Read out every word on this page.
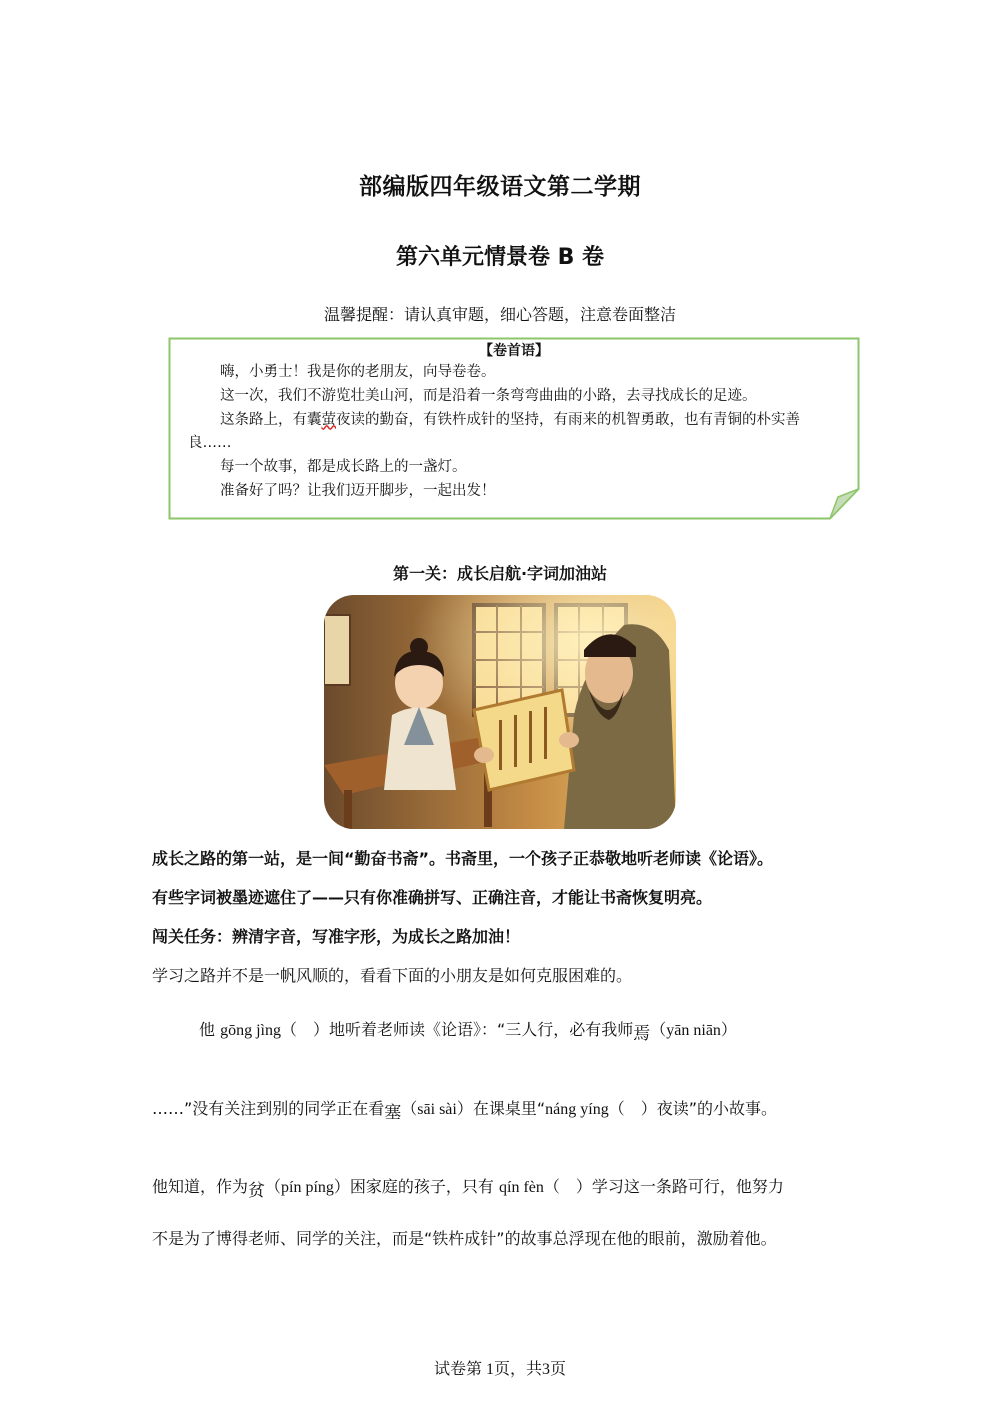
部编版四年级语文第二学期
第六单元情景卷 B 卷
温馨提醒：请认真审题，细心答题，注意卷面整洁
【卷首语】

嗨，小勇士！我是你的老朋友，向导卷卷。

这一次，我们不游览壮美山河，而是沿着一条弯弯曲曲的小路，去寻找成长的足迹。

这条路上，有囊萤夜读的勤奋，有铁杵成针的坚持，有雨来的机智勇敢，也有青铜的朴实善良……

每一个故事，都是成长路上的一盏灯。

准备好了吗？让我们迈开脚步，一起出发！

第一关：成长启航·字词加油站
成长之路的第一站，是一间“勤奋书斋”。书斋里，一个孩子正恭敬地听老师读《论语》。
有些字词被墨迹遮住了——只有你准确拼写、正确注音，才能让书斋恢复明亮。
闯关任务：辨清字音，写准字形，为成长之路加油！
学习之路并不是一帆风顺的，看看下面的小朋友是如何克服困难的。
他 gōng jìng（　）地听着老师读《论语》：“三人行，必有我师焉（yān niān）
……”没有关注到别的同学正在看塞（sāi sài）在课桌里“náng yíng（　）夜读”的小故事。
他知道，作为贫（pín píng）困家庭的孩子，只有 qín fèn（　）学习这一条路可行，他努力
不是为了博得老师、同学的关注，而是“铁杵成针”的故事总浮现在他的眼前，激励着他。
试卷第 1页，共3页
